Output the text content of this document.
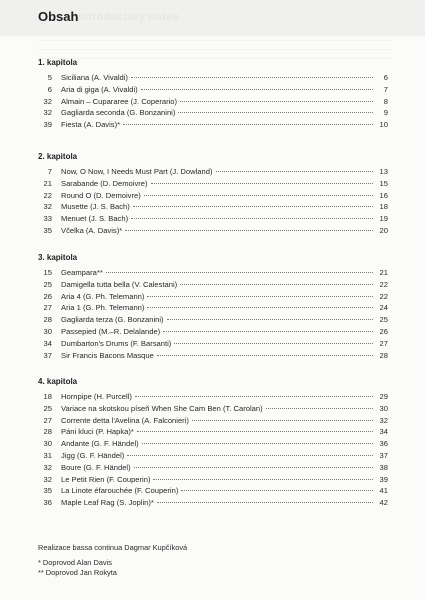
Obsah Introductory notes
1. kapitola
5 Siciliana (A. Vivaldi)	6
6 Aria di giga (A. Vivaldi)	7
32 Almain – Cupararee (J. Coperario)	8
32 Gagliarda seconda (G. Bonzanini)	9
39 Fiesta (A. Davis)*	10
2. kapitola
7 Now, O Now, I Needs Must Part (J. Dowland)	13
21 Sarabande (D. Demoivre)	15
22 Round O (D. Demoivre)	16
32 Musette (J. S. Bach)	18
33 Menuet (J. S. Bach)	19
35 Včelka (A. Davis)*	20
3. kapitola
15 Geampara**	21
25 Damigella tutta bella (V. Calestani)	22
26 Aria 4 (G. Ph. Telemann)	22
27 Aria 1 (G. Ph. Telemann)	24
28 Gagliarda terza (G. Bonzanini)	25
30 Passepied (M.–R. Delalande)	26
34 Dumbarton's Drums (F. Barsanti)	27
37 Sir Francis Bacons Masque	28
4. kapitola
18 Hornpipe (H. Purcell)	29
25 Variace na skotskou píseň When She Cam Ben (T. Carolan)	30
27 Corrente detta l'Avelina (A. Falconieri)	32
28 Páni kluci (P. Hapka)*	34
30 Andante (G. F. Händel)	36
31 Jigg (G. F. Händel)	37
32 Boure (G. F. Händel)	38
32 Le Petit Rien (F. Couperin)	39
35 La Linote éfarouchée (F. Couperin)	41
36 Maple Leaf Rag (S. Joplin)*	42
Realizace bassa continua Dagmar Kupčíková
* Doprovod Alan Davis
** Doprovod Jan Rokyta
